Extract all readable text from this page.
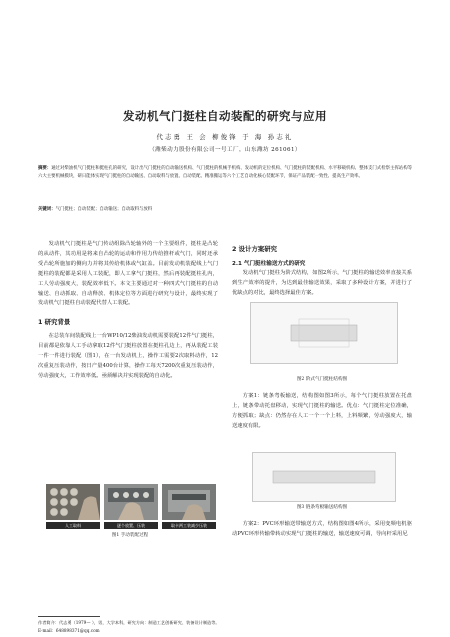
发动机气门挺柱自动装配的研究与应用
代志勇 王 会 柳俊锋 于 海 孙志礼
（潍柴动力股份有限公司一号工厂，山东潍坊 261061）
摘要：通过对柴油机气门挺柱和挺柱孔的研究，设计出气门挺柱的自动输送机构、气门挺柱的机械手机构、发动机的定位机构、气门挺柱的装配机构、水平移载机构、整体支门式检察主挥站构等六大主要机械模块，研日能体实现气门挺柱的自动输送、自动取料与放置、自动装配、精准搬运等六个工艺自动化核心装配环节，保证产品装配一致性、提高生产效率。
关键词：气门挺柱；自动装配；自动输送；自动取料与放料

发动机气门挺柱是气门传动组除凸轮轴外的一个主要组件，挺柱是凸轮的从动件，其功用是将来自凸轮的运动和作用力传给推杆或气门，同时还承受凸轮所施加的侧向力并将其传给机体或气缸盖。目前发动机装配线上气门挺柱的装配都是采用人工装配，即人工拿气门挺柱，然后再装配挺柱孔内，工人劳动强度大，装配效率低下。本文主要通过对一种四式气门挺柱的自动输送、自动抓取、自动释放、机体定位等方面进行研究与设计，最终实现了发动机气门挺柱自动装配代替人工装配。

1 研究背景

在总装车间装配线上一台WP10/12柴油发动机需要装配12件气门挺柱，目前都是依靠人工手动拿取12件气门挺柱放置在挺柱孔边上，再从装配工装一件一件进行装配（图1），在一台发动机上，操作工需要2次取料动作，12次重复压装动作，按日产量400台计算，操作工每天7200次重复压装动作，劳动强度大，工作效率低。亟须解决并实现装配的自动化。

人工取料	逐个放置、压装	取卡两工装减少压装
图1 手动装配过程
2 设计方案研究
2.1 气门挺柱输送方式的研究

发动机气门挺柱为阶式结构，如图2所示，气门挺柱的输送效率直接关系到生产效率的提升，为达到最佳输送效果，采取了多种设计方案，并进行了优缺点的对比，最终选择最佳方案。

图2 阶式气门挺柱结构图

方案1：链条弯板输送，结构图如图3所示，每个气门挺柱放置在托盘上，链条带动托盘移动，实现气门挺柱的输送。优点：气门挺柱定位准确，方便抓取；缺点：仍然存在人工一个一个上料，上料频繁，劳动强度大，输送速度有限。

图3 链条弯板输送结构图

方案2：PVC环形输送带输送方式，结构图如图4所示，采用变频电机驱动PVC环形传输带转动实现气门挺柱的输送，输送速度可调，导向杆采用尼

作者简介：代志勇（1979— ），男，大学本科，研究方向：制造工艺创新研究、装备设计制造等。
E-mail：648898371@qq.com
